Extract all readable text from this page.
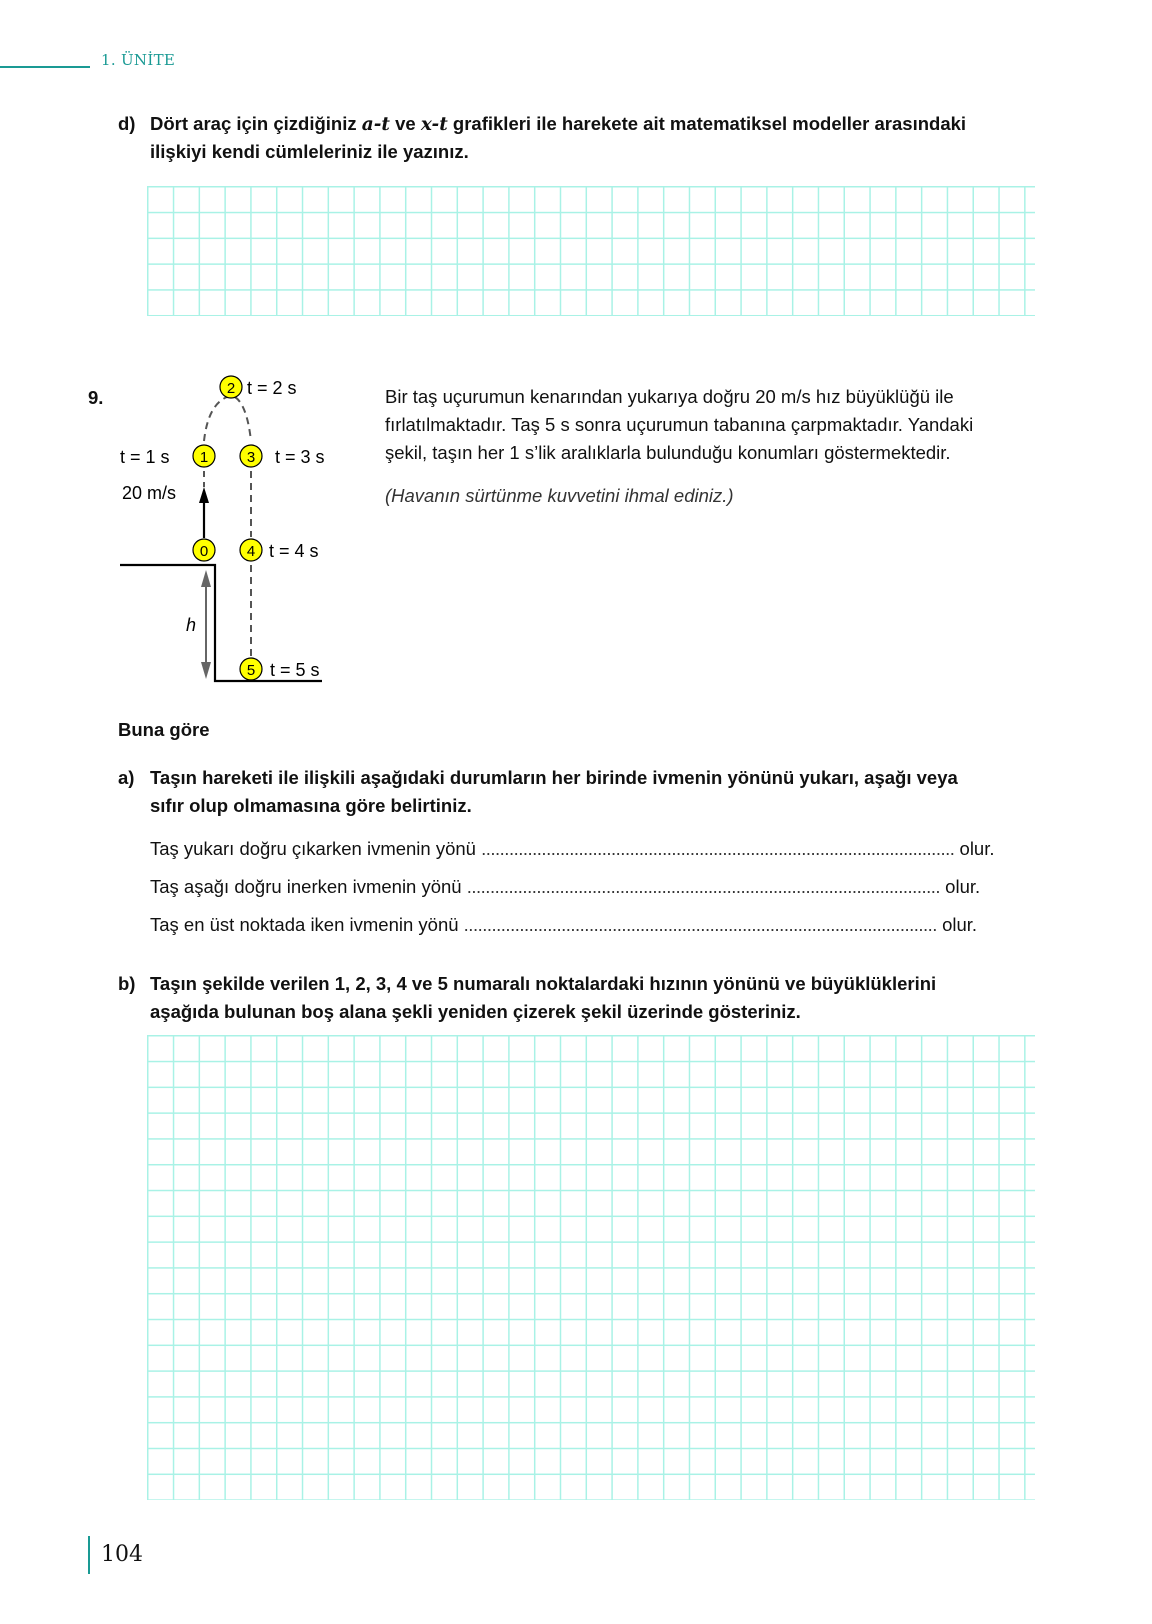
1. ÜNİTE
d) Dört araç için çizdiğiniz a-t ve x-t grafikleri ile harekete ait matematiksel modeller arasındaki
ilişkiyi kendi cümleleriniz ile yazınız.
9.
h
20 m/s
0
1
t = 1 s
2 t = 2 s
3 t = 3 s
4 t = 4 s
5 t = 5 s
Bir taş uçurumun kenarından yukarıya doğru 20 m/s hız büyüklüğü ile
fırlatılmaktadır. Taş 5 s sonra uçurumun tabanına çarpmaktadır. Yandaki
şekil, taşın her 1 s’lik aralıklarla bulunduğu konumları göstermektedir.
(Havanın sürtünme kuvvetini ihmal ediniz.)
Buna göre
a) Taşın hareketi ile ilişkili aşağıdaki durumların her birinde ivmenin yönünü yukarı, aşağı veya
sıfır olup olmamasına göre belirtiniz.
Taş yukarı doğru çıkarken ivmenin yönü ...................................................................................................... olur.
Taş aşağı doğru inerken ivmenin yönü ...................................................................................................... olur.
Taş en üst noktada iken ivmenin yönü ...................................................................................................... olur.
b) Taşın şekilde verilen 1, 2, 3, 4 ve 5 numaralı noktalardaki hızının yönünü ve büyüklüklerini
aşağıda bulunan boş alana şekli yeniden çizerek şekil üzerinde gösteriniz.
104
